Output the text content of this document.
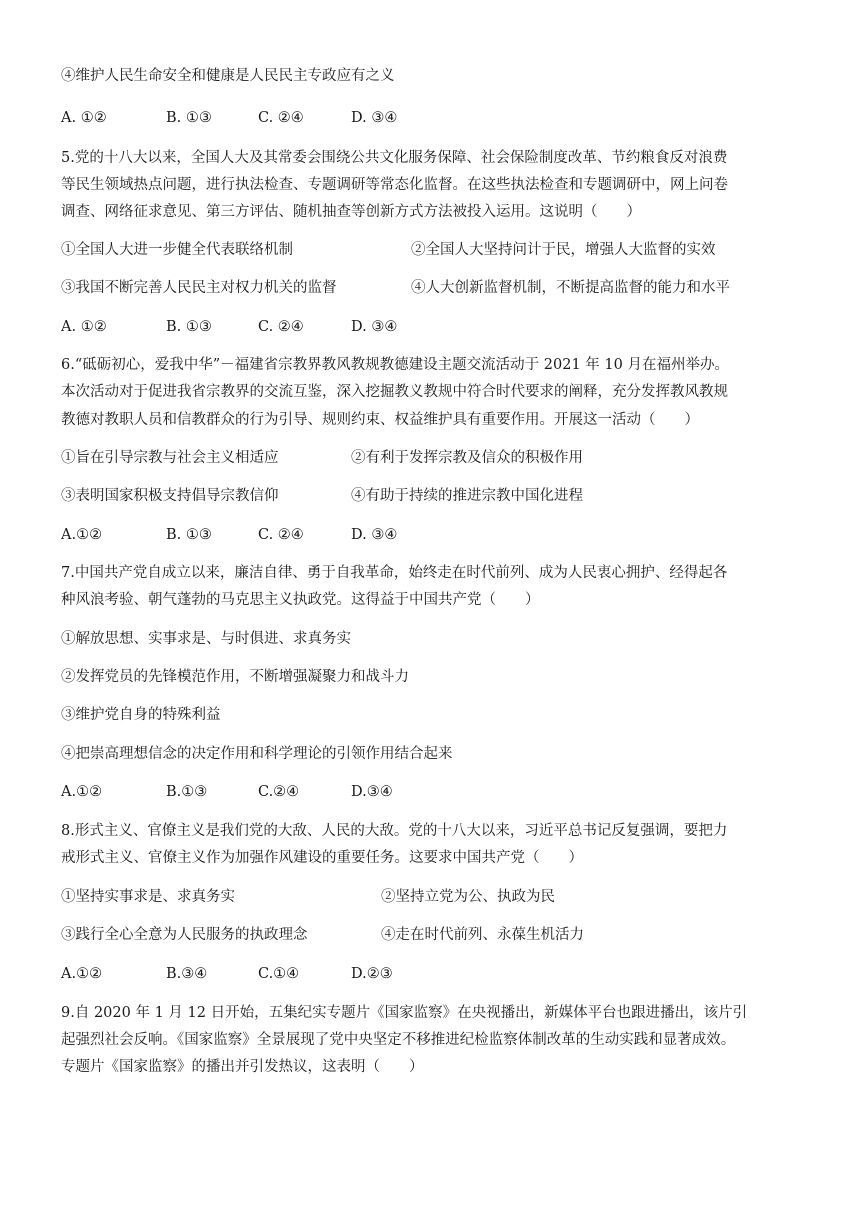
④维护人民生命安全和健康是人民民主专政应有之义
A. ①②	B. ①③	C. ②④	D. ③④
5.党的十八大以来，全国人大及其常委会围绕公共文化服务保障、社会保险制度改革、节约粮食反对浪费
等民生领域热点问题，进行执法检查、专题调研等常态化监督。在这些执法检查和专题调研中，网上问卷
调查、网络征求意见、第三方评估、随机抽查等创新方式方法被投入运用。这说明（　　）
①全国人大进一步健全代表联络机制	②全国人大坚持问计于民，增强人大监督的实效
③我国不断完善人民民主对权力机关的监督	④人大创新监督机制，不断提高监督的能力和水平
A. ①②	B. ①③	C. ②④	D. ③④
6.“砥砺初心，爱我中华”－福建省宗教界教风教规教德建设主题交流活动于 2021 年 10 月在福州举办。
本次活动对于促进我省宗教界的交流互鉴，深入挖掘教义教规中符合时代要求的阐释，充分发挥教风教规
教德对教职人员和信教群众的行为引导、规则约束、权益维护具有重要作用。开展这一活动（　　）
①旨在引导宗教与社会主义相适应	②有利于发挥宗教及信众的积极作用
③表明国家积极支持倡导宗教信仰	④有助于持续的推进宗教中国化进程
A.①②	B. ①③	C. ②④	D. ③④
7.中国共产党自成立以来，廉洁自律、勇于自我革命，始终走在时代前列、成为人民衷心拥护、经得起各
种风浪考验、朝气蓬勃的马克思主义执政党。这得益于中国共产党（　　）
①解放思想、实事求是、与时俱进、求真务实
②发挥党员的先锋模范作用，不断增强凝聚力和战斗力
③维护党自身的特殊利益
④把崇高理想信念的决定作用和科学理论的引领作用结合起来
A.①②	B.①③	C.②④	D.③④
8.形式主义、官僚主义是我们党的大敌、人民的大敌。党的十八大以来，习近平总书记反复强调，要把力
戒形式主义、官僚主义作为加强作风建设的重要任务。这要求中国共产党（　　）
①坚持实事求是、求真务实	②坚持立党为公、执政为民
③践行全心全意为人民服务的执政理念	④走在时代前列、永葆生机活力
A.①②	B.③④	C.①④	D.②③
9.自 2020 年 1 月 12 日开始，五集纪实专题片《国家监察》在央视播出，新媒体平台也跟进播出，该片引
起强烈社会反响。《国家监察》全景展现了党中央坚定不移推进纪检监察体制改革的生动实践和显著成效。
专题片《国家监察》的播出并引发热议，这表明（　　）
